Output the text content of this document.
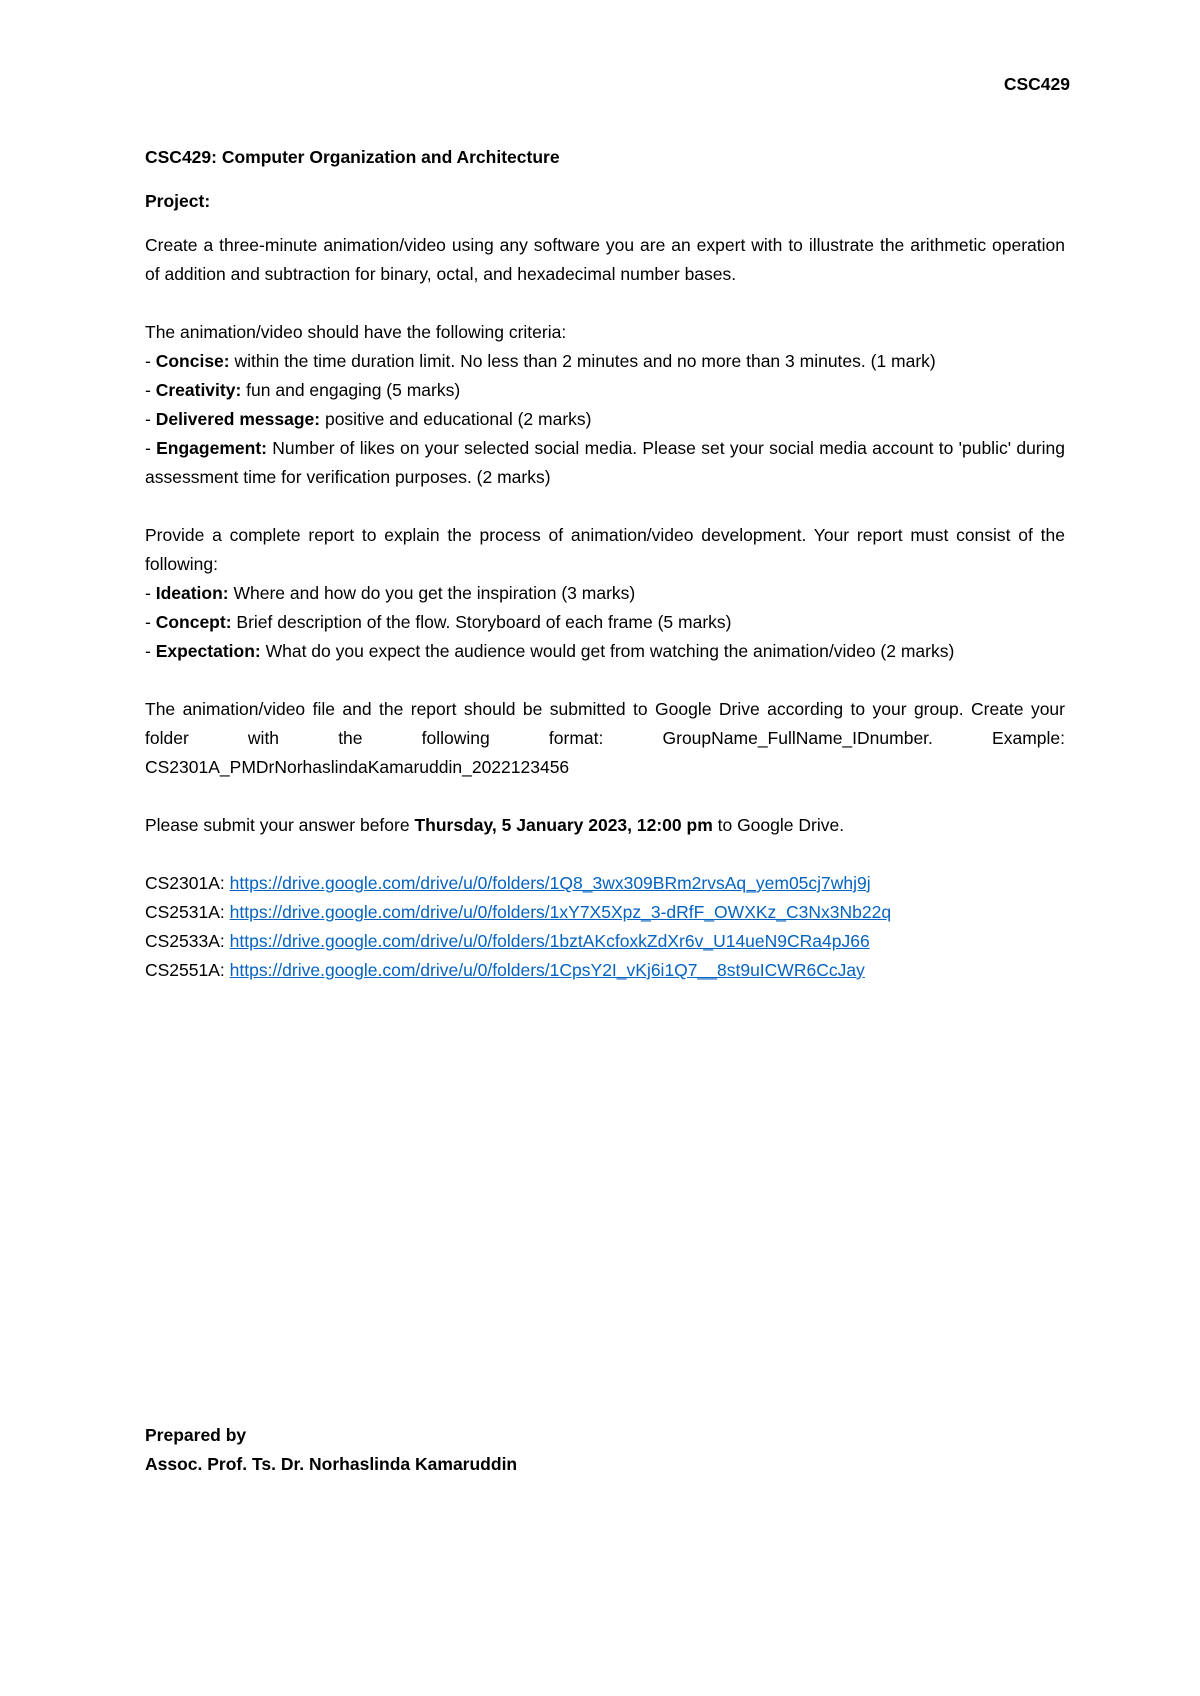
CSC429

CSC429: Computer Organization and Architecture

Project:

Create a three-minute animation/video using any software you are an expert with to illustrate the arithmetic operation of addition and subtraction for binary, octal, and hexadecimal number bases.

The animation/video should have the following criteria:

- Concise: within the time duration limit. No less than 2 minutes and no more than 3 minutes. (1 mark)

- Creativity: fun and engaging (5 marks)

- Delivered message: positive and educational (2 marks)

- Engagement: Number of likes on your selected social media. Please set your social media account to 'public' during assessment time for verification purposes. (2 marks)

Provide a complete report to explain the process of animation/video development. Your report must consist of the following:

- Ideation: Where and how do you get the inspiration (3 marks)

- Concept: Brief description of the flow. Storyboard of each frame (5 marks)

- Expectation: What do you expect the audience would get from watching the animation/video (2 marks)

The animation/video file and the report should be submitted to Google Drive according to your group. Create your folder with the following format: GroupName_FullName_IDnumber. Example: CS2301A_PMDrNorhaslindaKamaruddin_2022123456

Please submit your answer before Thursday, 5 January 2023, 12:00 pm to Google Drive.

CS2301A: https://drive.google.com/drive/u/0/folders/1Q8_3wx309BRm2rvsAq_yem05cj7whj9j

CS2531A: https://drive.google.com/drive/u/0/folders/1xY7X5Xpz_3-dRfF_OWXKz_C3Nx3Nb22q

CS2533A: https://drive.google.com/drive/u/0/folders/1bztAKcfoxkZdXr6v_U14ueN9CRa4pJ66

CS2551A: https://drive.google.com/drive/u/0/folders/1CpsY2I_vKj6i1Q7__8st9uICWR6CcJay

Prepared by

Assoc. Prof. Ts. Dr. Norhaslinda Kamaruddin
